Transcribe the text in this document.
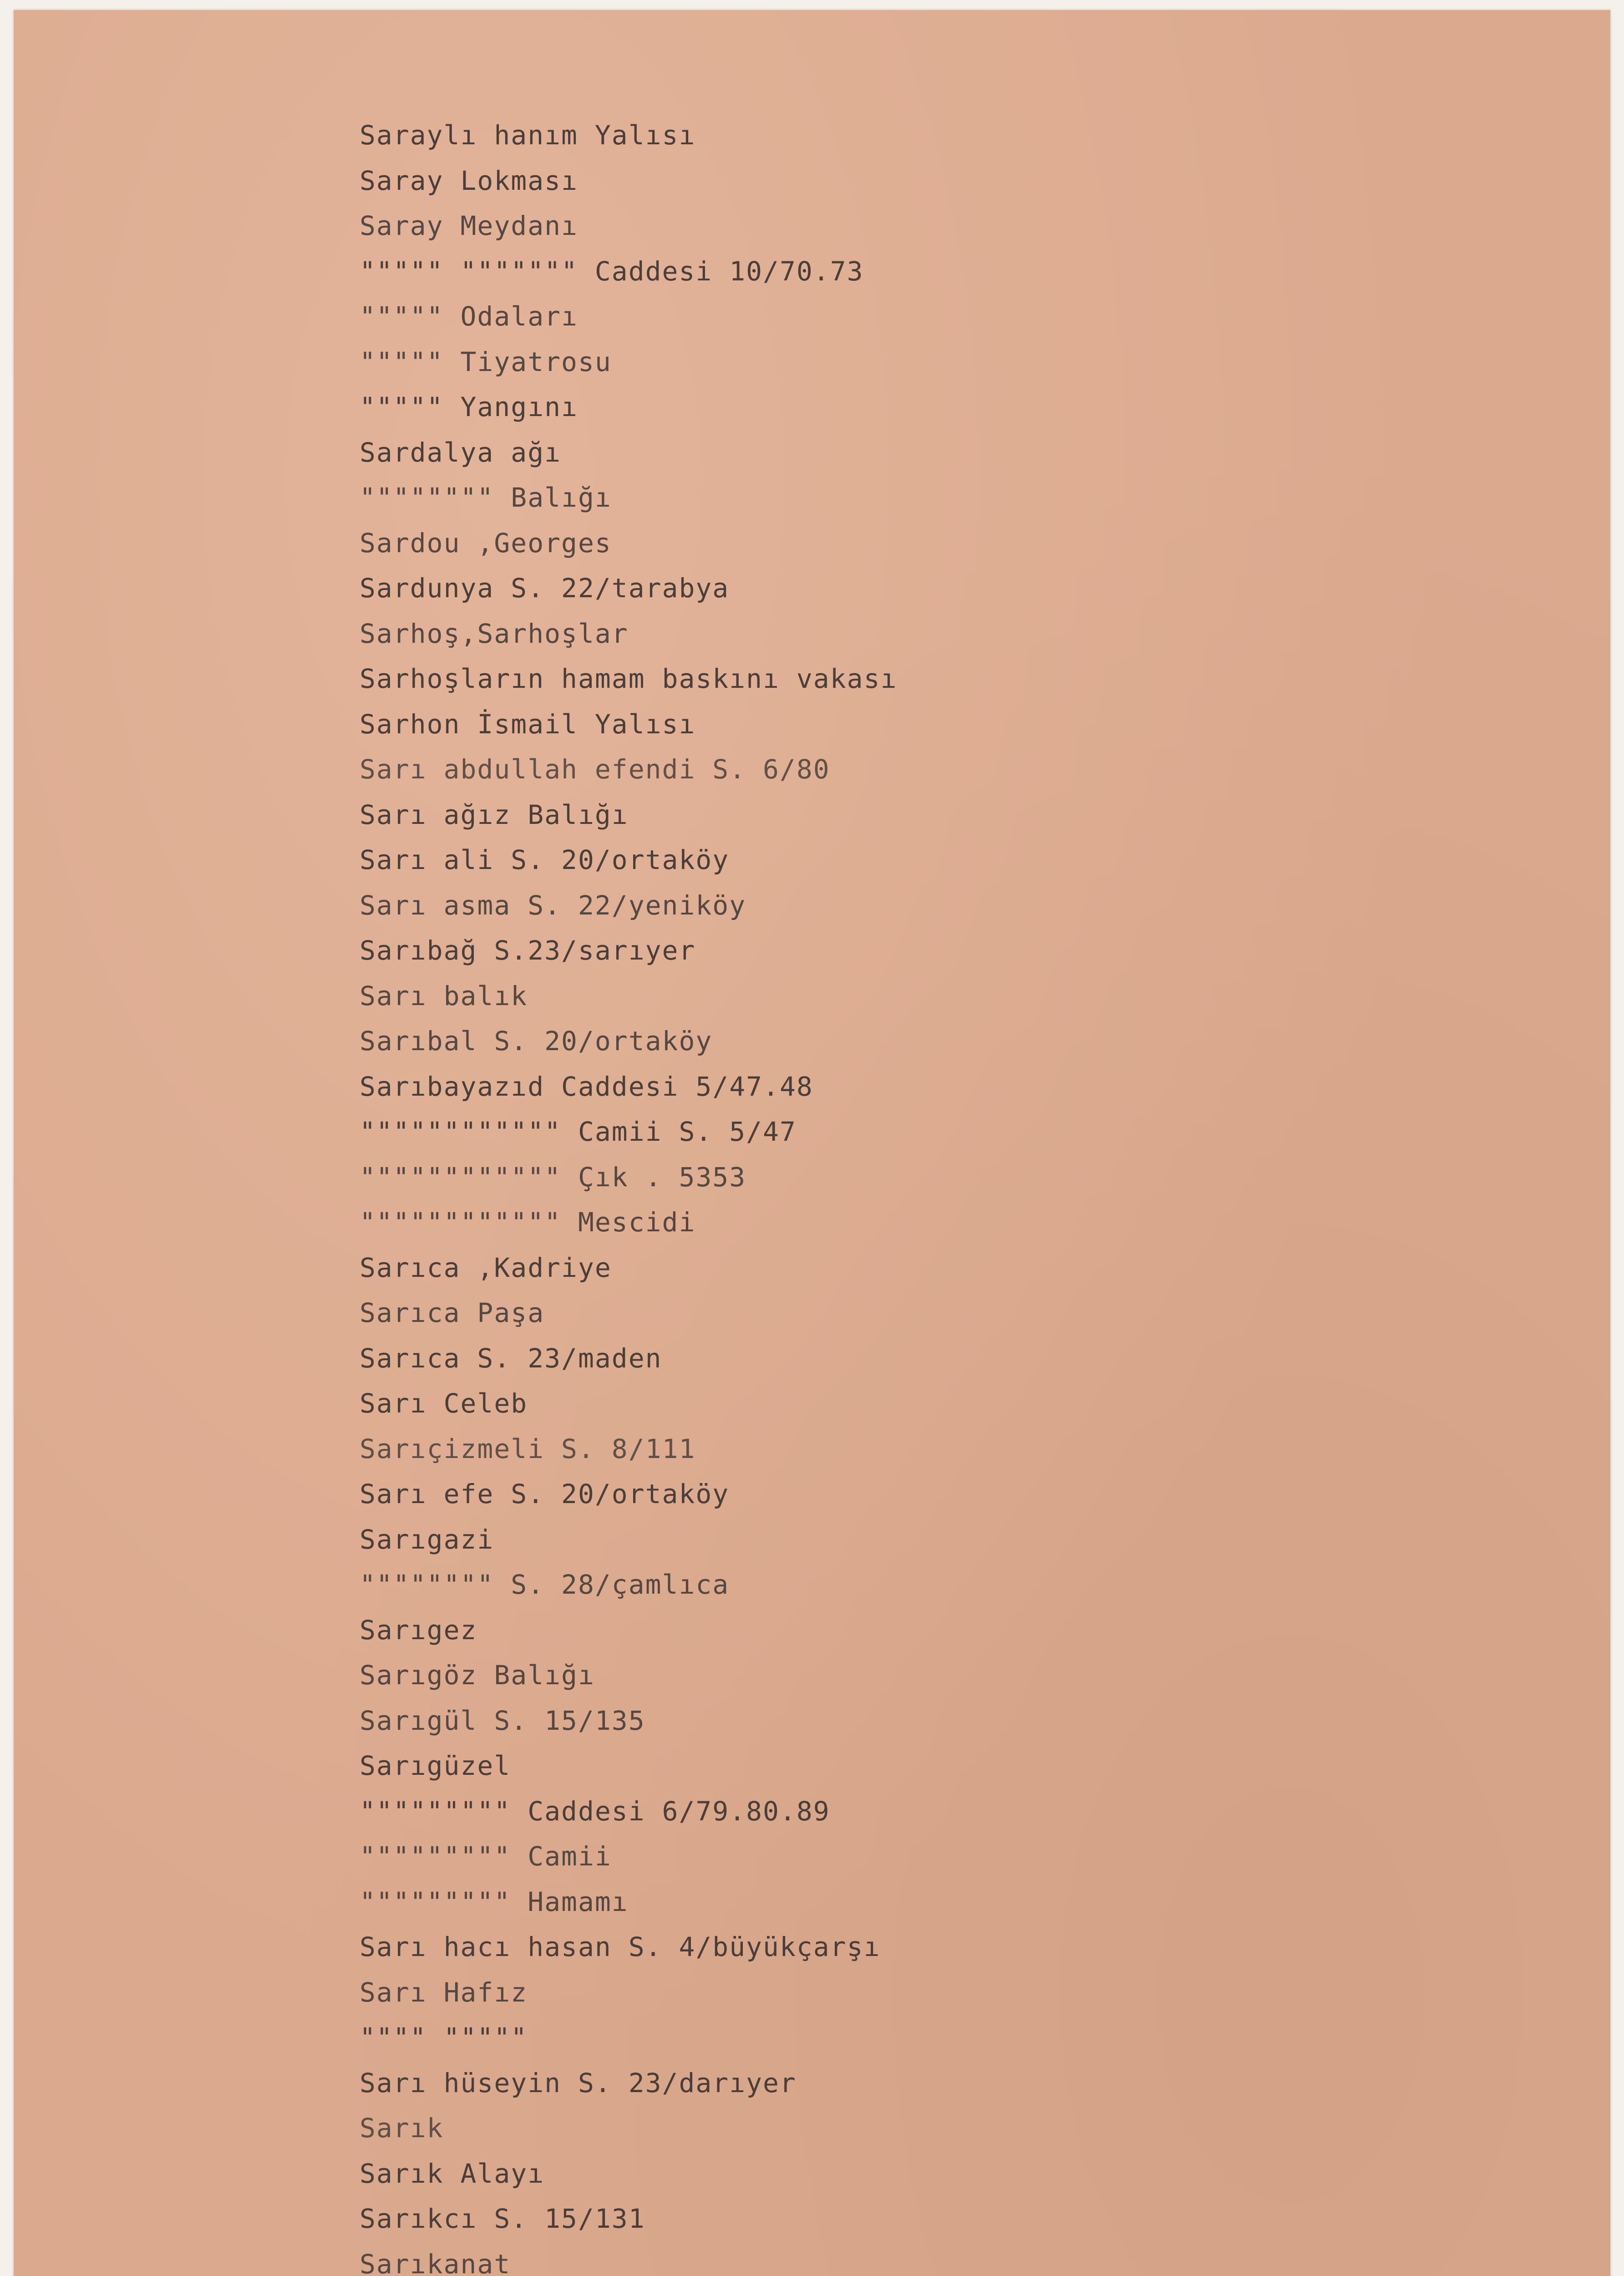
Saraylı hanım Yalısı
Saray Lokması
Saray Meydanı
""""" """"""" Caddesi 10/70.73
""""" Odaları
""""" Tiyatrosu
""""" Yangını
Sardalya ağı
"""""""" Balığı
Sardou ,Georges
Sardunya S. 22/tarabya
Sarhoş,Sarhoşlar
Sarhoşların hamam baskını vakası
Sarhon İsmail Yalısı
Sarı abdullah efendi S. 6/80
Sarı ağız Balığı
Sarı ali S. 20/ortaköy
Sarı asma S. 22/yeniköy
Sarıbağ S.23/sarıyer
Sarı balık
Sarıbal S. 20/ortaköy
Sarıbayazıd Caddesi 5/47.48
"""""""""""" Camii S. 5/47
"""""""""""" Çık . 5353
"""""""""""" Mescidi
Sarıca ,Kadriye
Sarıca Paşa
Sarıca S. 23/maden
Sarı Celeb
Sarıçizmeli S. 8/111
Sarı efe S. 20/ortaköy
Sarıgazi
"""""""" S. 28/çamlıca
Sarıgez
Sarıgöz Balığı
Sarıgül S. 15/135
Sarıgüzel
""""""""" Caddesi 6/79.80.89
""""""""" Camii
""""""""" Hamamı
Sarı hacı hasan S. 4/büyükçarşı
Sarı Hafız
"""" """""
Sarı hüseyin S. 23/darıyer
Sarık
Sarık Alayı
Sarıkcı S. 15/131
Sarıkanat
